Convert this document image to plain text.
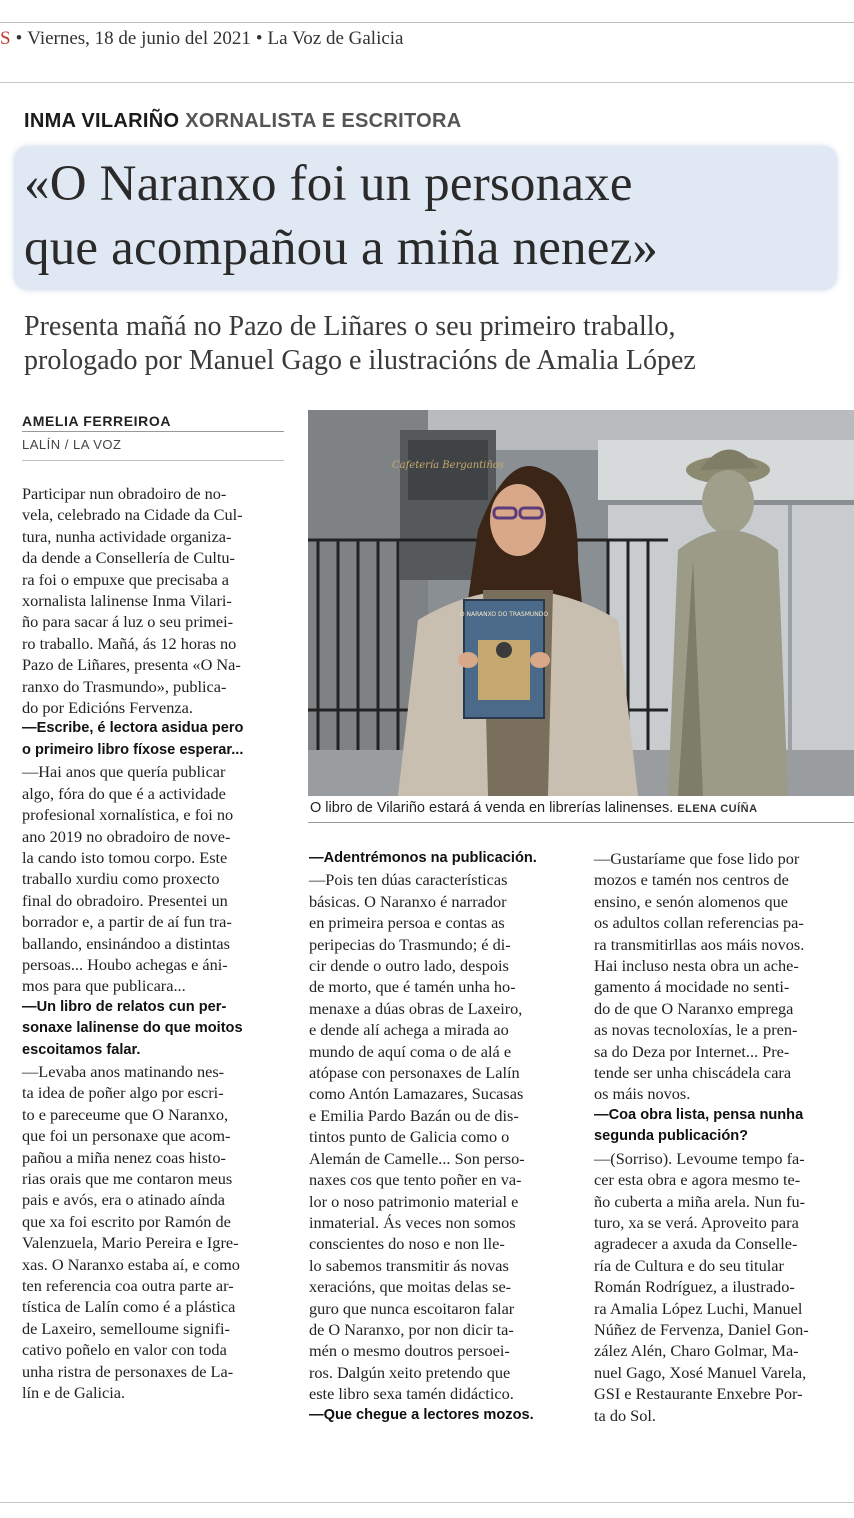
S • Viernes, 18 de junio del 2021 • La Voz de Galicia
INMA VILARIÑO XORNALISTA E ESCRITORA
«O Naranxo foi un personaxe
que acompañou a miña nenez»
Presenta mañá no Pazo de Liñares o seu primeiro traballo,
prologado por Manuel Gago e ilustracións de Amalia López
AMELIA FERREIROA
LALÍN / LA VOZ

Participar nun obradoiro de no-

vela, celebrado na Cidade da Cul-

tura, nunha actividade organiza-

da dende a Consellería de Cultu-

ra foi o empuxe que precisaba a

xornalista lalinense Inma Vilari-

ño para sacar á luz o seu primei-

ro traballo. Mañá, ás 12 horas no

Pazo de Liñares, presenta «O Na-

ranxo do Trasmundo», publica-

do por Edicións Fervenza.

—Escribe, é lectora asidua pero

o primeiro libro fíxose esperar...

—Hai anos que quería publicar

algo, fóra do que é a actividade

profesional xornalística, e foi no

ano 2019 no obradoiro de nove-

la cando isto tomou corpo. Este

traballo xurdiu como proxecto

final do obradoiro. Presentei un

borrador e, a partir de aí fun tra-

ballando, ensinándoo a distintas

persoas... Houbo achegas e áni-

mos para que publicara...

—Un libro de relatos cun per-

sonaxe lalinense do que moitos

escoitamos falar.

—Levaba anos matinando nes-

ta idea de poñer algo por escri-

to e pareceume que O Naranxo,

que foi un personaxe que acom-

pañou a miña nenez coas histo-

rias orais que me contaron meus

pais e avós, era o atinado aínda

que xa foi escrito por Ramón de

Valenzuela, Mario Pereira e Igre-

xas. O Naranxo estaba aí, e como

ten referencia coa outra parte ar-

tística de Lalín como é a plástica

de Laxeiro, semelloume signifi-

cativo poñelo en valor con toda

unha ristra de personaxes de La-

lín e de Galicia.

—Adentrémonos na publicación.

—Pois ten dúas características

básicas. O Naranxo é narrador

en primeira persoa e contas as

peripecias do Trasmundo; é di-

cir dende o outro lado, despois

de morto, que é tamén unha ho-

menaxe a dúas obras de Laxeiro,

e dende alí achega a mirada ao

mundo de aquí coma o de alá e

atópase con personaxes de Lalín

como Antón Lamazares, Sucasas

e Emilia Pardo Bazán ou de dis-

tintos punto de Galicia como o

Alemán de Camelle... Son perso-

naxes cos que tento poñer en va-

lor o noso patrimonio material e

inmaterial. Ás veces non somos

conscientes do noso e non lle-

lo sabemos transmitir ás novas

xeracións, que moitas delas se-

guro que nunca escoitaron falar

de O Naranxo, por non dicir ta-

mén o mesmo doutros persoei-

ros. Dalgún xeito pretendo que

este libro sexa tamén didáctico.

—Que chegue a lectores mozos.

—Gustaríame que fose lido por

mozos e tamén nos centros de

ensino, e senón alomenos que

os adultos collan referencias pa-

ra transmitirllas aos máis novos.

Hai incluso nesta obra un ache-

gamento á mocidade no senti-

do de que O Naranxo emprega

as novas tecnoloxías, le a pren-

sa do Deza por Internet... Pre-

tende ser unha chiscádela cara

os máis novos.

—Coa obra lista, pensa nunha

segunda publicación?

—(Sorriso). Levoume tempo fa-

cer esta obra e agora mesmo te-

ño cuberta a miña arela. Nun fu-

turo, xa se verá. Aproveito para

agradecer a axuda da Conselle-

ría de Cultura e do seu titular

Román Rodríguez, a ilustrado-

ra Amalia López Luchi, Manuel

Núñez de Fervenza, Daniel Gon-

zález Alén, Charo Golmar, Ma-

nuel Gago, Xosé Manuel Varela,

GSI e Restaurante Enxebre Por-

ta do Sol.

Cafetería Bergantiños
O NARANXO DO TRASMUNDO
O libro de Vilariño estará á venda en librerías lalinenses. ELENA CUÍÑA
